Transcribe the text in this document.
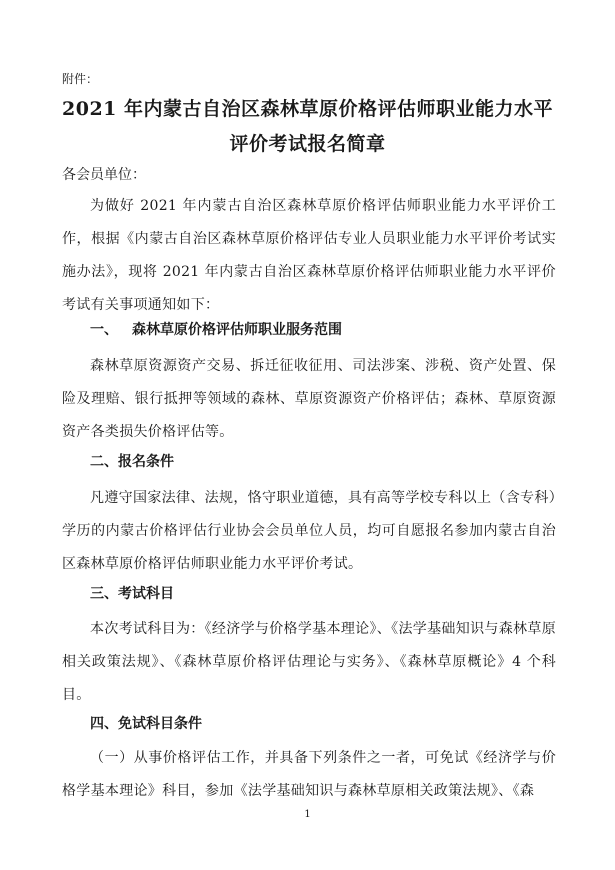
附件：
2021 年内蒙古自治区森林草原价格评估师职业能力水平
评价考试报名简章
各会员单位：

为做好 2021 年内蒙古自治区森林草原价格评估师职业能力水平评价工作，根据《内蒙古自治区森林草原价格评估专业人员职业能力水平评价考试实施办法》，现将 2021 年内蒙古自治区森林草原价格评估师职业能力水平评价考试有关事项通知如下：

一、 森林草原价格评估师职业服务范围

森林草原资源资产交易、拆迁征收征用、司法涉案、涉税、资产处置、保险及理赔、银行抵押等领域的森林、草原资源资产价格评估；森林、草原资源资产各类损失价格评估等。

二、报名条件

凡遵守国家法律、法规，恪守职业道德，具有高等学校专科以上（含专科）学历的内蒙古价格评估行业协会会员单位人员，均可自愿报名参加内蒙古自治区森林草原价格评估师职业能力水平评价考试。

三、考试科目

本次考试科目为：《经济学与价格学基本理论》、《法学基础知识与森林草原相关政策法规》、《森林草原价格评估理论与实务》、《森林草原概论》4 个科目。

四、免试科目条件

（一）从事价格评估工作，并具备下列条件之一者，可免试《经济学与价格学基本理论》科目，参加《法学基础知识与森林草原相关政策法规》、《森

1
